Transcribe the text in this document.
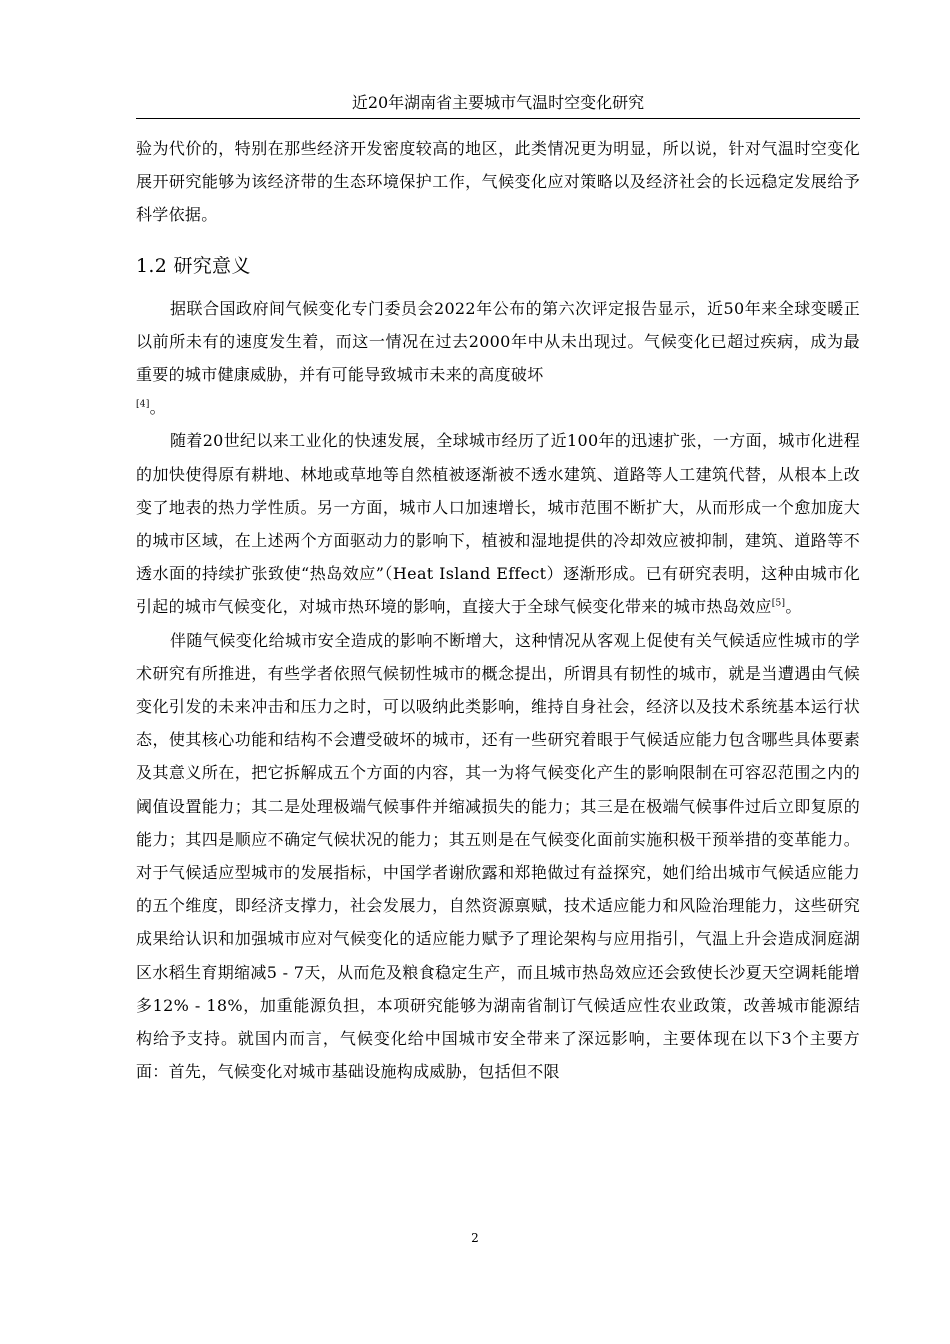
近20年湖南省主要城市气温时空变化研究

验为代价的，特别在那些经济开发密度较高的地区，此类情况更为明显，所以说，针对气温时空变化展开研究能够为该经济带的生态环境保护工作，气候变化应对策略以及经济社会的长远稳定发展给予科学依据。

1.2 研究意义

据联合国政府间气候变化专门委员会2022年公布的第六次评定报告显示，近50年来全球变暖正以前所未有的速度发生着，而这一情况在过去2000年中从未出现过。气候变化已超过疾病，成为最重要的城市健康威胁，并有可能导致城市未来的高度破坏
[4]。

随着20世纪以来工业化的快速发展，全球城市经历了近100年的迅速扩张，一方面，城市化进程 的加快使得原有耕地、林地或草地等自然植被逐渐被不透水建筑、道路等人工建筑代替，从根本上改变了地表的热力学性质。另一方面，城市人口加速增长，城市范围不断扩大，从而形成一个愈加庞大的城市区域，在上述两个方面驱动力的影响下，植被和湿地提供的冷却效应被抑制，建筑、道路等不透水面的持续扩张致使“热岛效应”（Heat Island Effect）逐渐形成。已有研究表明，这种由城市化引起的城市气候变化，对城市热环境的影响，直接大于全球气候变化带来的城市热岛效应[5]。

伴随气候变化给城市安全造成的影响不断增大，这种情况从客观上促使有关气候适应性城市的学术研究有所推进，有些学者依照气候韧性城市的概念提出，所谓具有韧性的城市，就是当遭遇由气候变化引发的未来冲击和压力之时，可以吸纳此类影响，维持自身社会，经济以及技术系统基本运行状态，使其核心功能和结构不会遭受破坏的城市，还有一些研究着眼于气候适应能力包含哪些具体要素及其意义所在，把它拆解成五个方面的内容，其一为将气候变化产生的影响限制在可容忍范围之内的阈值设置能力；其二是处理极端气候事件并缩减损失的能力；其三是在极端气候事件过后立即复原的能力；其四是顺应不确定气候状况的能力；其五则是在气候变化面前实施积极干预举措的变革能力。 对于气候适应型城市的发展指标，中国学者谢欣露和郑艳做过有益探究，她们给出城市气候适应能力的五个维度，即经济支撑力，社会发展力，自然资源禀赋，技术适应能力和风险治理能力，这些研究成果给认识和加强城市应对气候变化的适应能力赋予了理论架构与应用指引，气温上升会造成洞庭湖区水稻生育期缩减5 - 7天，从而危及粮食稳定生产，而且城市热岛效应还会致使长沙夏天空调耗能增多12% - 18%，加重能源负担，本项研究能够为湖南省制订气候适应性农业政策，改善城市能源结构给予支持。就国内而言，气候变化给中国城市安全带来了深远影响，主要体现在以下3个主要方面：首先，气候变化对城市基础设施构成威胁，包括但不限

2
